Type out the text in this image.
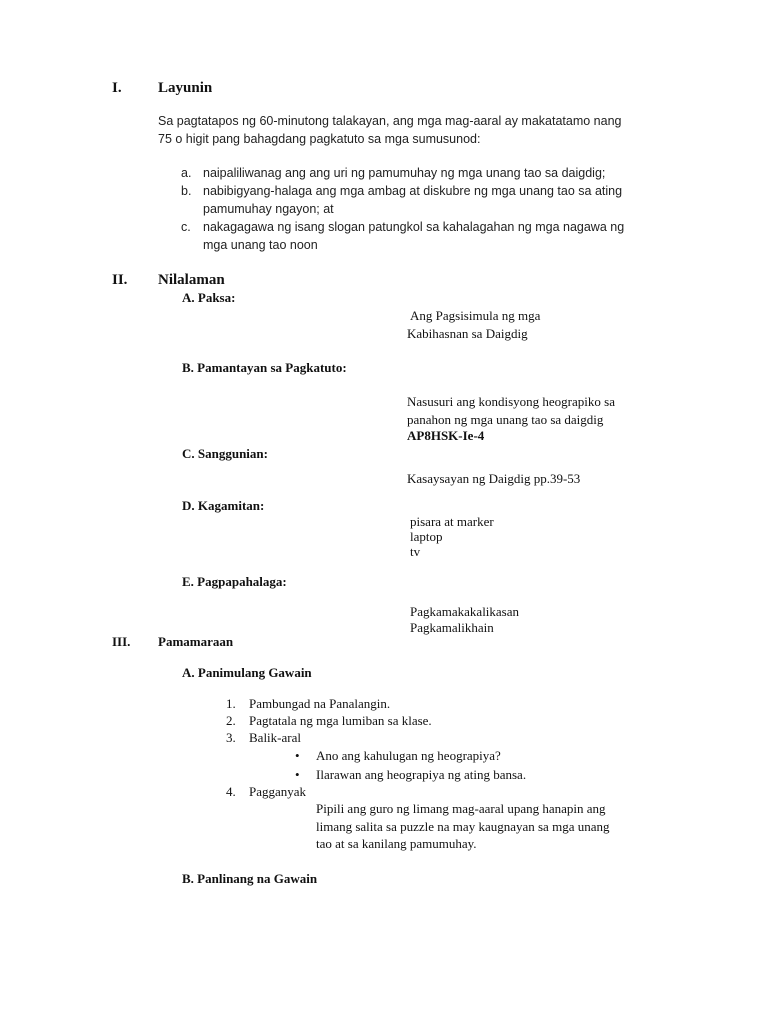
I. Layunin
Sa pagtatapos ng 60-minutong talakayan, ang mga mag-aaral ay makatatamo nang
75 o higit pang bahagdang pagkatuto sa mga sumusunod:
a. naipaliliwanag ang ang uri ng pamumuhay ng mga unang tao sa daigdig;
b. nabibigyang-halaga ang mga ambag at diskubre ng mga unang tao sa ating
pamumuhay ngayon; at
c. nakagagawa ng isang slogan patungkol sa kahalagahan ng mga nagawa ng
mga unang tao noon
II. Nilalaman
A. Paksa:
Ang Pagsisimula ng mga
Kabihasnan sa Daigdig
B. Pamantayan sa Pagkatuto:
Nasusuri ang kondisyong heograpiko sa
panahon ng mga unang tao sa daigdig
AP8HSK-Ie-4
C. Sanggunian:
Kasaysayan ng Daigdig pp.39-53
D. Kagamitan:
pisara at marker
laptop
tv
E. Pagpapahalaga:
Pagkamakakalikasan
Pagkamalikhain
III. Pamamaraan
A. Panimulang Gawain
1. Pambungad na Panalangin.
2. Pagtatala ng mga lumiban sa klase.
3. Balik-aral
• Ano ang kahulugan ng heograpiya?
• Ilarawan ang heograpiya ng ating bansa.
4. Pagganyak
Pipili ang guro ng limang mag-aaral upang hanapin ang
limang salita sa puzzle na may kaugnayan sa mga unang
tao at sa kanilang pamumuhay.
B. Panlinang na Gawain
